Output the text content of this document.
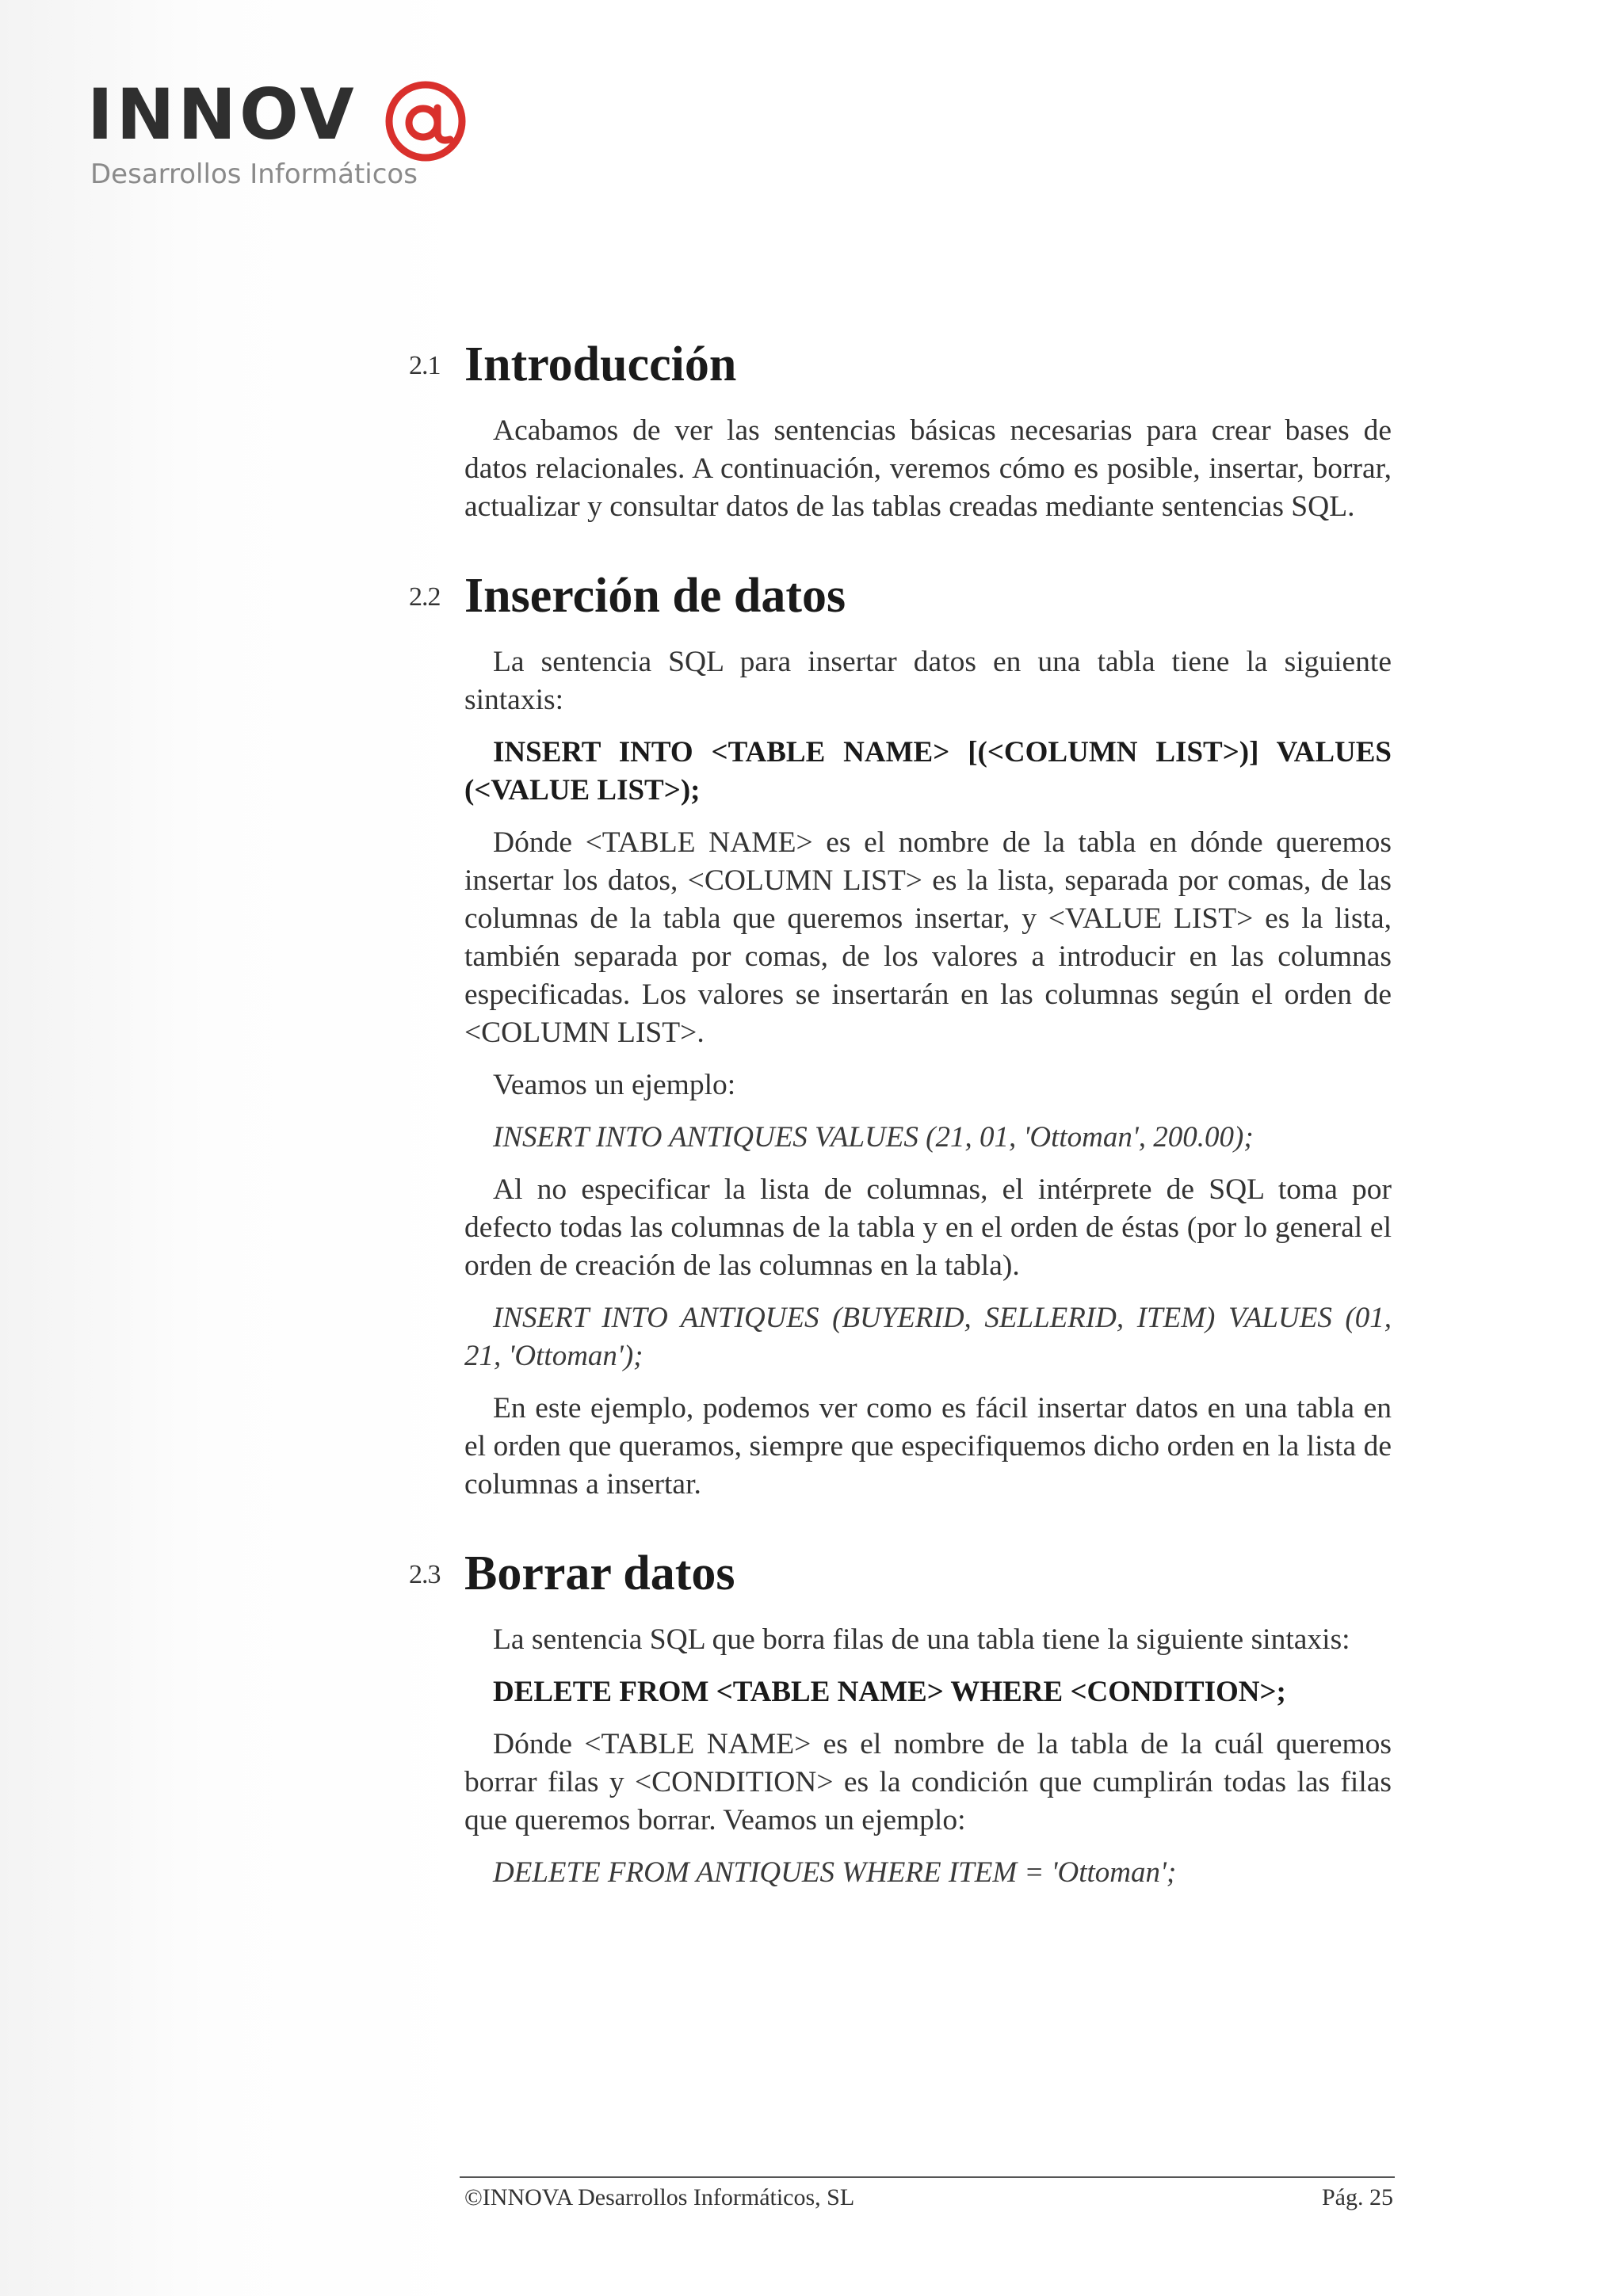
INNOV
Desarrollos Informáticos
2.1 Introducción

Acabamos de ver las sentencias básicas necesarias para crear bases de datos relacionales. A continuación, veremos cómo es posible, insertar, borrar, actualizar y consultar datos de las tablas creadas mediante sentencias SQL.

2.2 Inserción de datos

La sentencia SQL para insertar datos en una tabla tiene la siguiente sintaxis:

INSERT INTO <TABLE NAME> [(<COLUMN LIST>)] VALUES (<VALUE LIST>);

Dónde <TABLE NAME> es el nombre de la tabla en dónde queremos insertar los datos, <COLUMN LIST> es la lista, separada por comas, de las columnas de la tabla que queremos insertar, y <VALUE LIST> es la lista, también separada por comas, de los valores a introducir en las columnas especificadas. Los valores se insertarán en las columnas según el orden de <COLUMN LIST>.

Veamos un ejemplo:

INSERT INTO ANTIQUES VALUES (21, 01, 'Ottoman', 200.00);

Al no especificar la lista de columnas, el intérprete de SQL toma por defecto todas las columnas de la tabla y en el orden de éstas (por lo general el orden de creación de las columnas en la tabla).

INSERT INTO ANTIQUES (BUYERID, SELLERID, ITEM) VALUES (01, 21, 'Ottoman');

En este ejemplo, podemos ver como es fácil insertar datos en una tabla en el orden que queramos, siempre que especifiquemos dicho orden en la lista de columnas a insertar.

2.3 Borrar datos

La sentencia SQL que borra filas de una tabla tiene la siguiente sintaxis:

DELETE FROM <TABLE NAME> WHERE <CONDITION>;

Dónde <TABLE NAME> es el nombre de la tabla de la cuál queremos borrar filas y <CONDITION> es la condición que cumplirán todas las filas que queremos borrar. Veamos un ejemplo:

DELETE FROM ANTIQUES WHERE ITEM = 'Ottoman';

©INNOVA Desarrollos Informáticos, SL	Pág. 25
